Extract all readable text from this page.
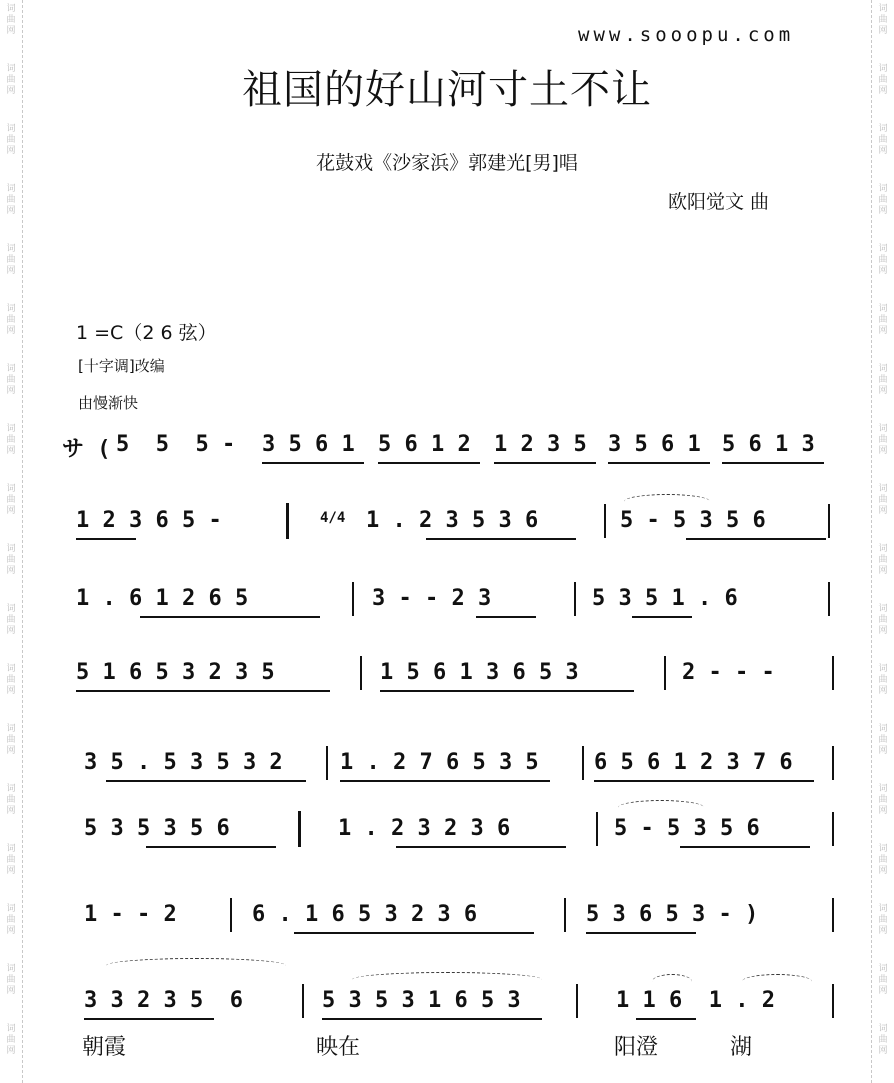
词
曲
网
词
曲
网
词
曲
网
词
曲
网
词
曲
网
词
曲
网
词
曲
网
词
曲
网
词
曲
网
词
曲
网
词
曲
网
词
曲
网
词
曲
网
词
曲
网
词
曲
网
词
曲
网
词
曲
网
词
曲
网
词
曲
网
词
曲
网
词
曲
网
词
曲
网
词
曲
网
词
曲
网
词
曲
网
词
曲
网
词
曲
网
词
曲
网
词
曲
网
词
曲
网
词
曲
网
词
曲
网
词
曲
网
词
曲
网
词
曲
网
词
曲
网
www.sooopu.com
祖国的好山河寸土不让
花鼓戏《沙家浜》郭建光[男]唱
欧阳觉文 曲
1 =C（2 6 弦）
[十字调]改编
由慢渐快
サ (
5  5  5 - 3 5 6 1 5 6 1 2 1 2 3 5 3 5 6 1 5 6 1 3
1 2 3 6 5 -	4/4 1 . 2 3 5 3 6	5 - 5 3 5 6
1 . 6 1 2 6 5	3 - - 2 3	5 3 5 1 . 6
5 1 6 5 3 2 3 5	1 5 6 1 3 6 5 3	2 - - -
3 5 . 5 3 5 3 2	1 . 2 7 6 5 3 5	6 5 6 1 2 3 7 6
5 3 5 3 5 6	1 . 2 3 2 3 6	5 - 5 3 5 6
1 - - 2	6 . 1 6 5 3 2 3 6	5 3 6 5 3 - )
3 3 2 3 5  6	5 3 5 3 1 6 5 3	1 1 6  1 . 2
朝霞	映在	阳澄	湖
